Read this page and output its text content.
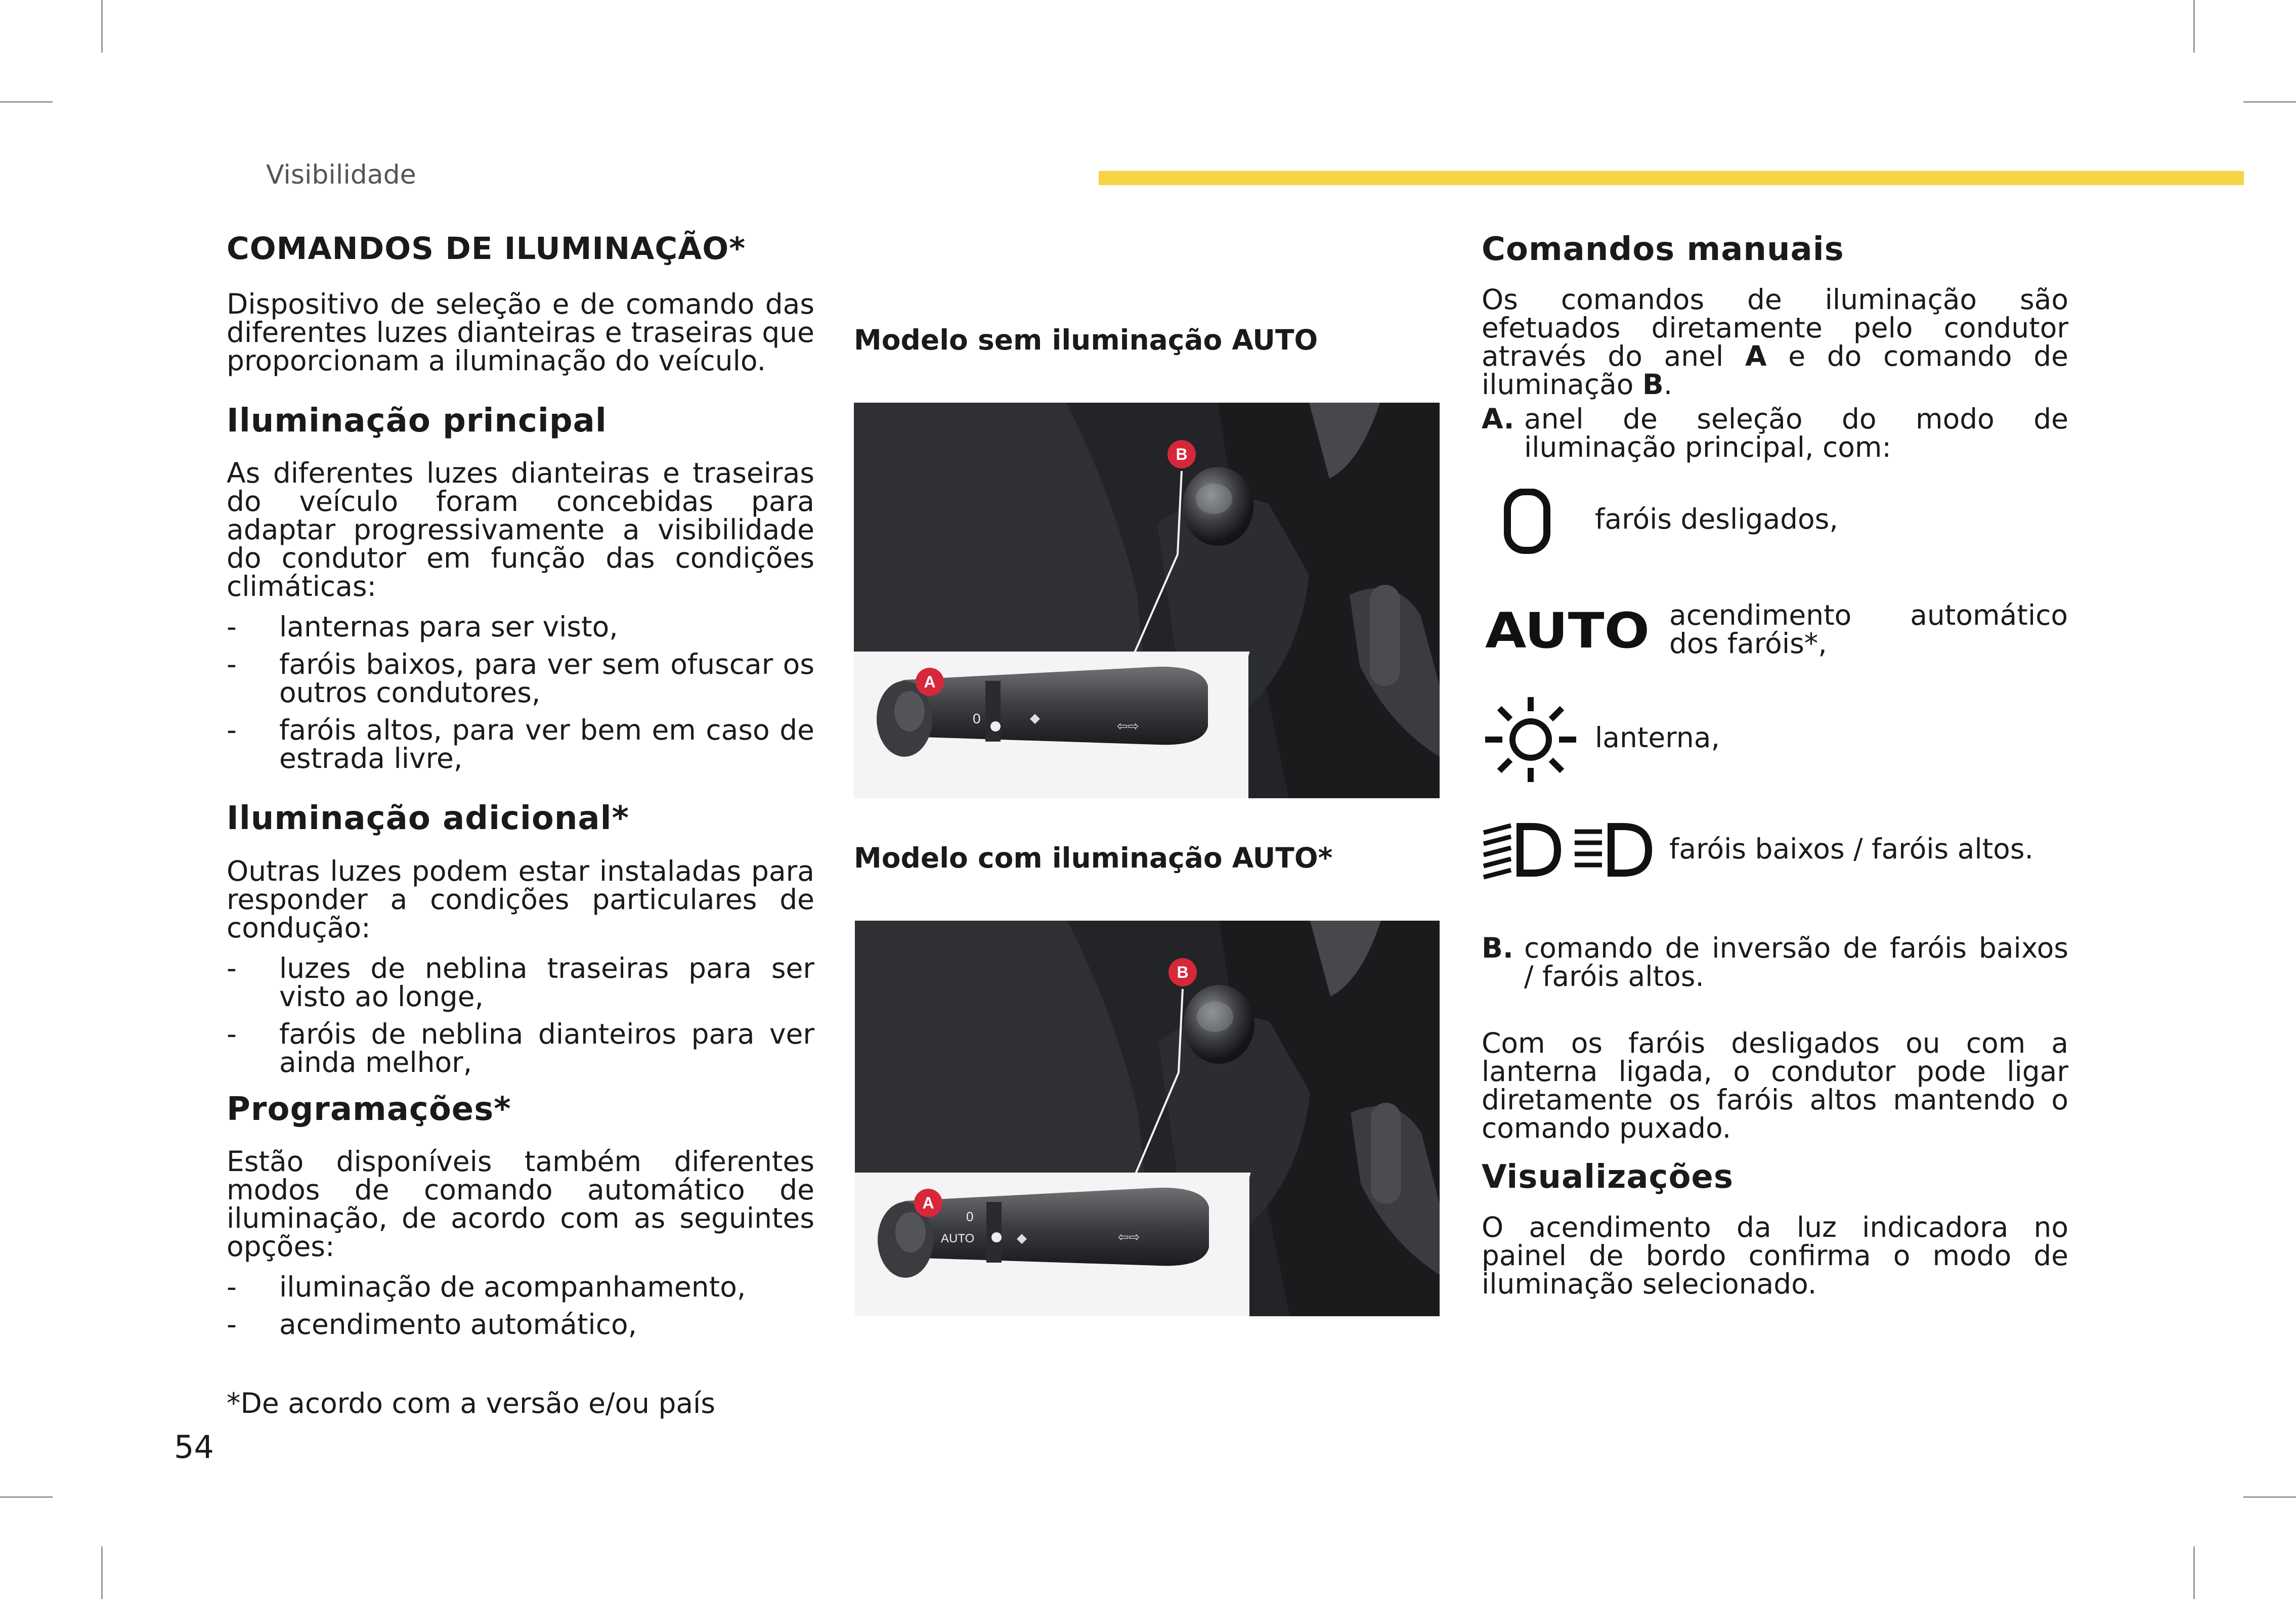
Visibilidade
COMANDOS DE ILUMINAÇÃO*

Dispositivo de seleção e de comando das diferentes luzes dianteiras e traseiras que proporcionam a iluminação do veículo.

Iluminação principal

As diferentes luzes dianteiras e traseiras do veículo foram concebidas para adaptar progressivamente a visibilidade do condutor em função das condições climáticas:

- lanternas para ser visto,
- faróis baixos, para ver sem ofuscar os outros condutores,
- faróis altos, para ver bem em caso de estrada livre,
Iluminação adicional*

Outras luzes podem estar instaladas para responder a condições particulares de condução:

- luzes de neblina traseiras para ser visto ao longe,
- faróis de neblina dianteiros para ver ainda melhor,
Programações*

Estão disponíveis também diferentes modos de comando automático de iluminação, de acordo com as seguintes opções:

- iluminação de acompanhamento,
- acendimento automático,
*De acordo com a versão e/ou país
54
Modelo sem iluminação AUTO
B
A
0	⇦⇨
◆
Modelo com iluminação AUTO*
B
A
0
AUTO	⇦⇨
◆
Comandos manuais

Os comandos de iluminação são efetuados diretamente pelo condutor através do anel A e do comando de iluminação B.

A. anel de seleção do modo de iluminação principal, com:
faróis desligados,
AUTO acendimento automático dos faróis*,
lanterna,
faróis baixos / faróis altos.
B. comando de inversão de faróis baixos / faróis altos.

Com os faróis desligados ou com a lanterna ligada, o condutor pode ligar diretamente os faróis altos mantendo o comando puxado.

Visualizações

O acendimento da luz indicadora no painel de bordo confirma o modo de iluminação selecionado.
